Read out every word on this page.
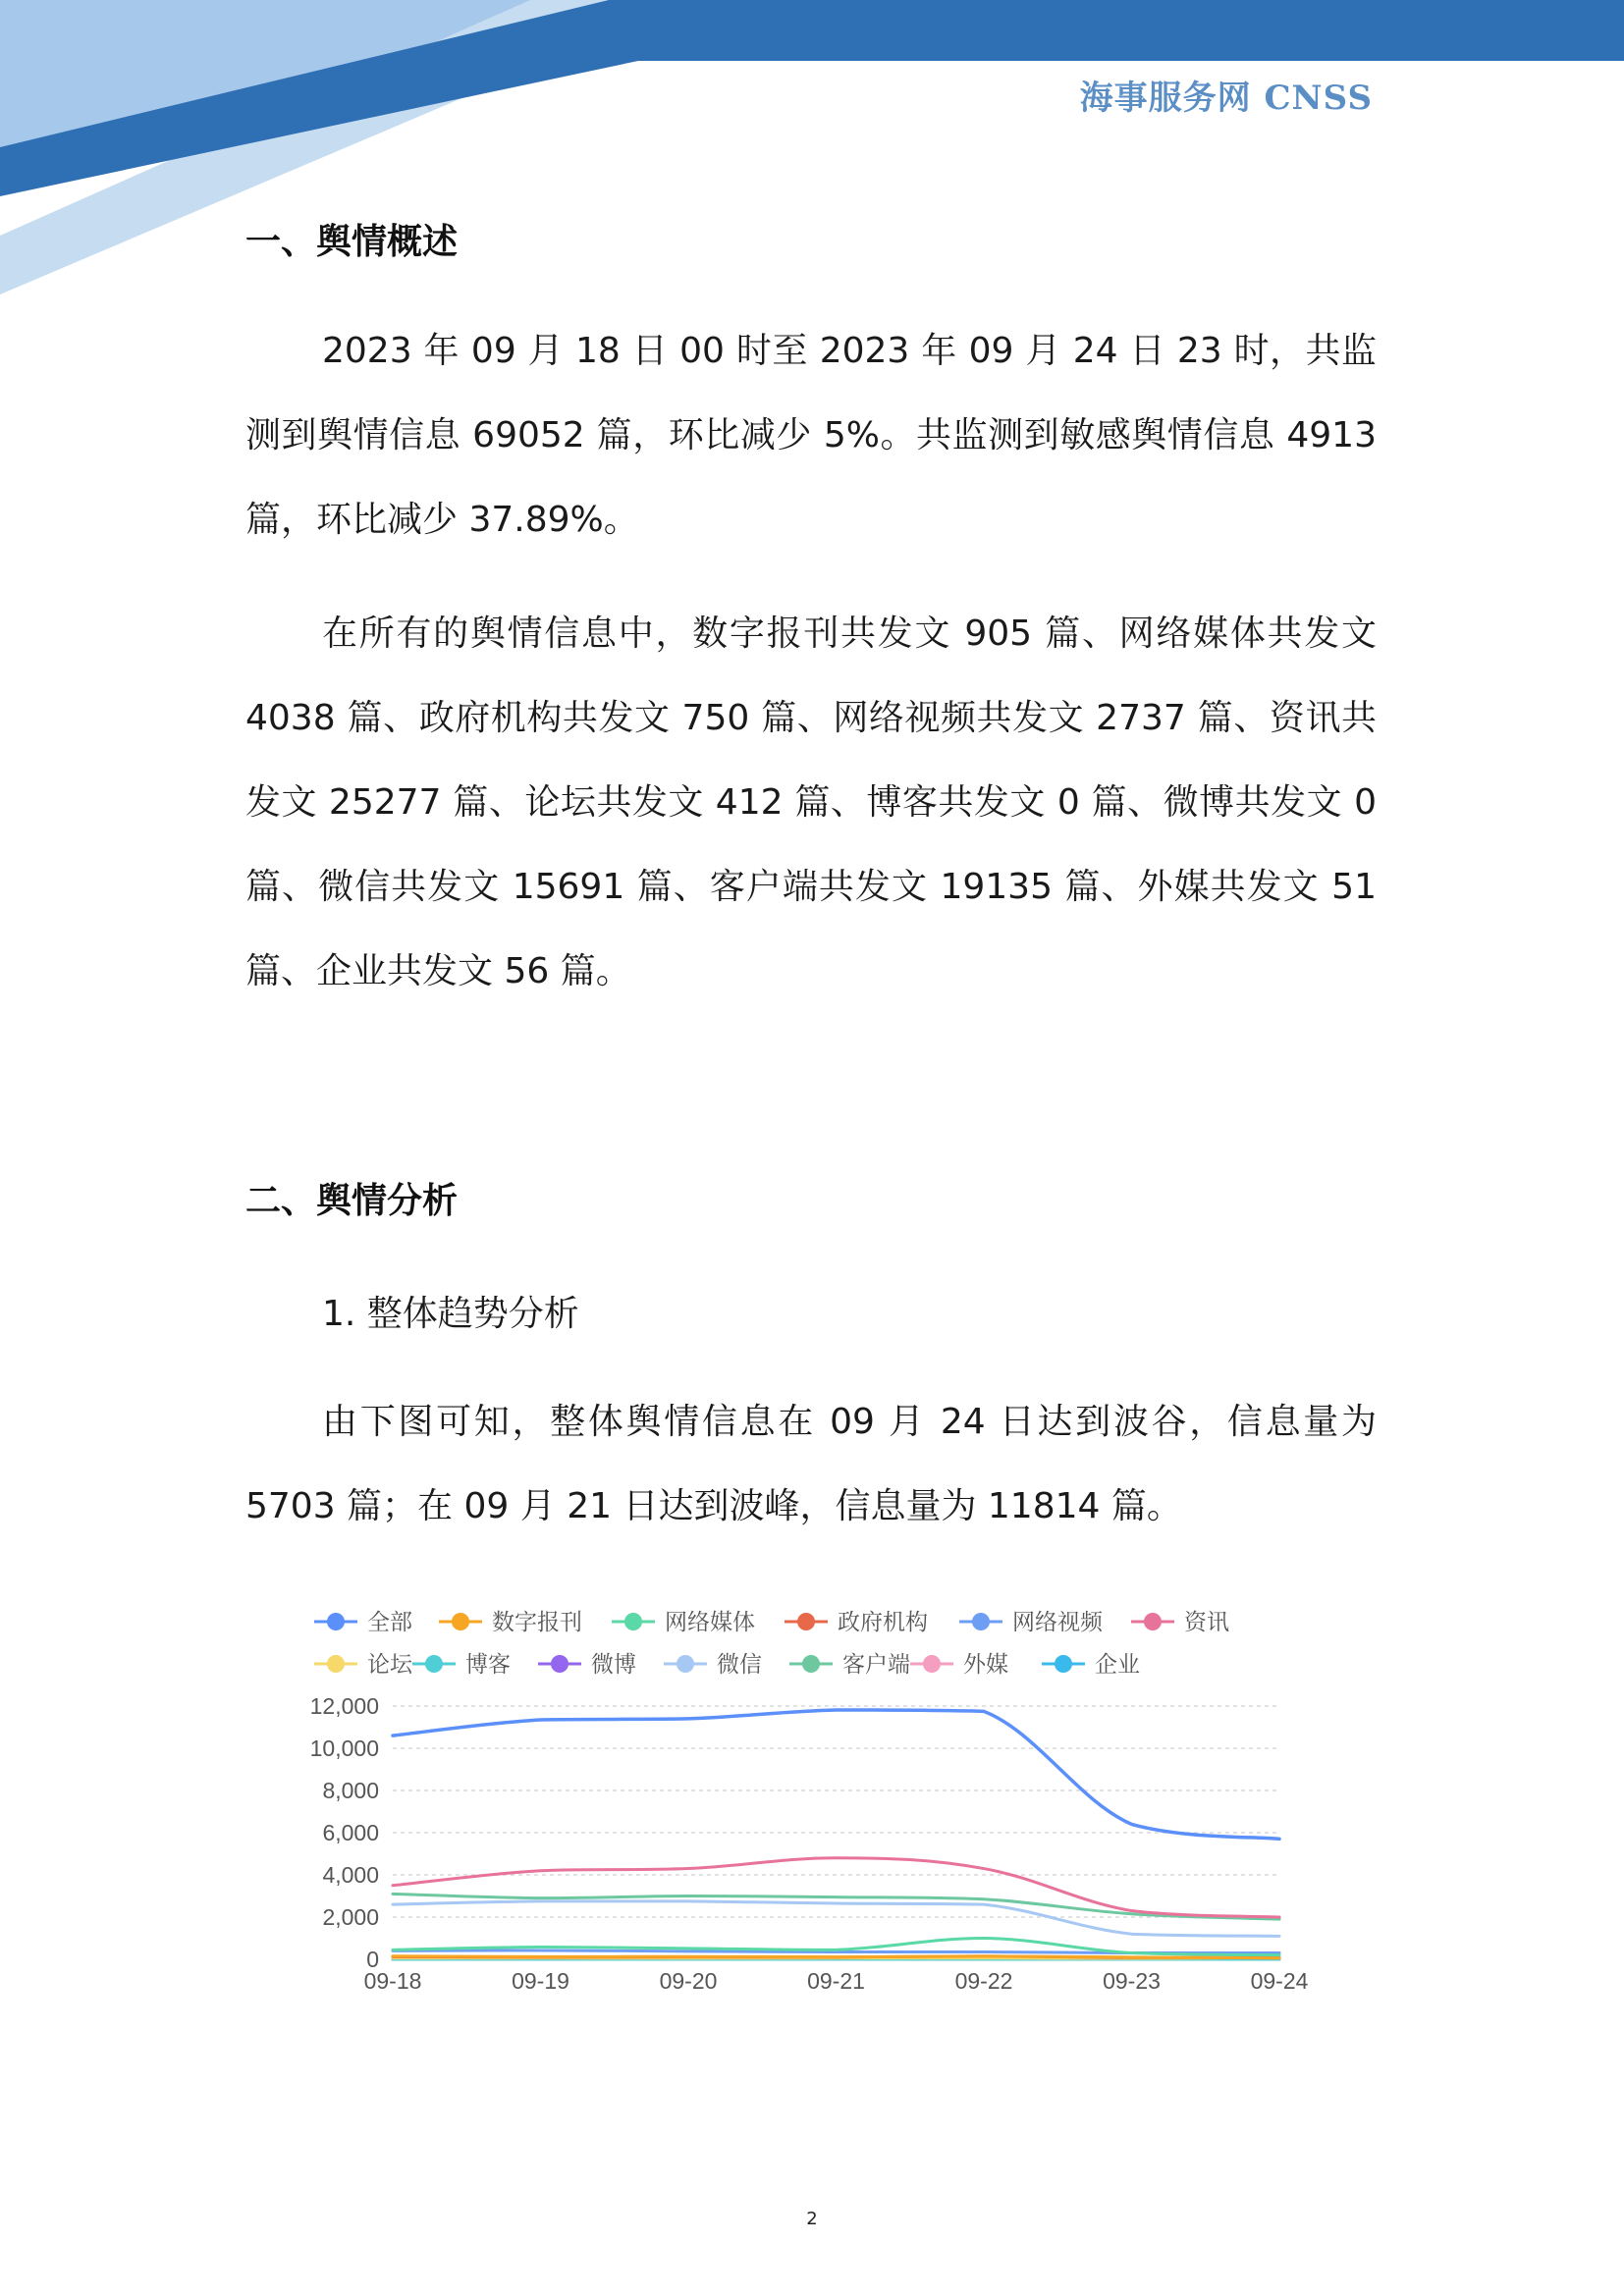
海事服务网 CNSS
一、舆情概述
2023 年 09 月 18 日 00 时至 2023 年 09 月 24 日 23 时，共监测到舆情信息 69052 篇，环比减少 5%。共监测到敏感舆情信息 4913 篇，环比减少 37.89%。
在所有的舆情信息中，数字报刊共发文 905 篇、网络媒体共发文 4038 篇、政府机构共发文 750 篇、网络视频共发文 2737 篇、资讯共发文 25277 篇、论坛共发文 412 篇、博客共发文 0 篇、微博共发文 0 篇、微信共发文 15691 篇、客户端共发文 19135 篇、外媒共发文 51 篇、企业共发文 56 篇。
二、舆情分析
1. 整体趋势分析
由下图可知，整体舆情信息在 09 月 24 日达到波谷，信息量为 5703 篇；在 09 月 21 日达到波峰，信息量为 11814 篇。
0
2,000
4,000
6,000
8,000
10,000
12,000
09-18	09-19	09-20	09-21	09-22	09-23	09-24
全部	数字报刊	网络媒体	政府机构	网络视频	资讯
论坛 博客	微博	微信	客户端 外媒	企业
2
